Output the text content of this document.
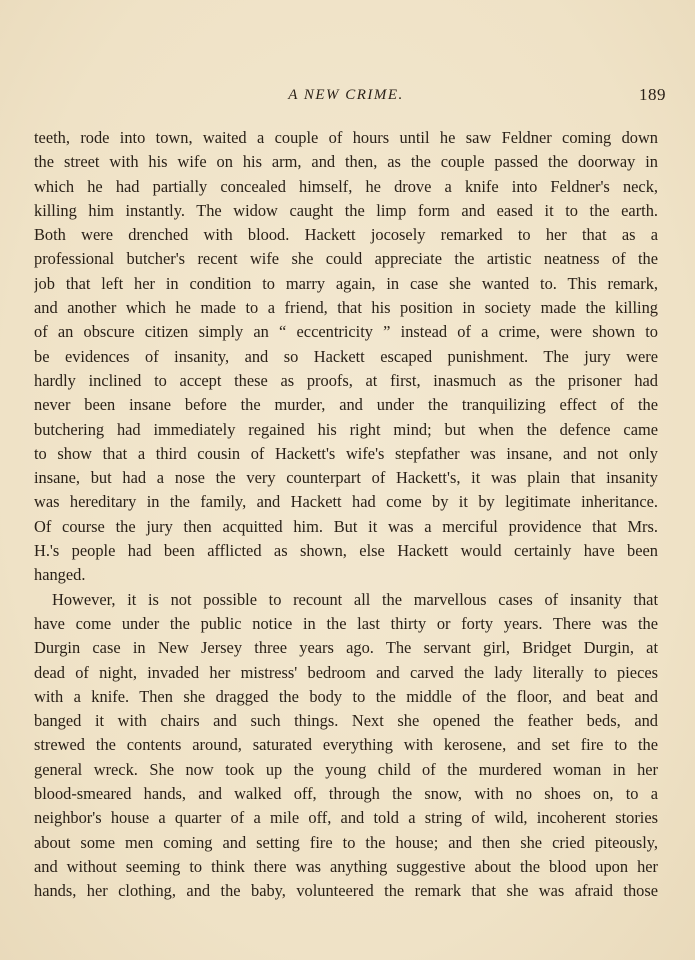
A NEW CRIME.	189
teeth, rode into town, waited a couple of hours until he saw Feldner coming down
the street with his wife on his arm, and then, as the couple passed the doorway in
which he had partially concealed himself, he drove a knife into Feldner's neck,
killing him instantly. The widow caught the limp form and eased it to the earth.
Both were drenched with blood. Hackett jocosely remarked to her that as a
professional butcher's recent wife she could appreciate the artistic neatness of the
job that left her in condition to marry again, in case she wanted to. This remark,
and another which he made to a friend, that his position in society made the killing
of an obscure citizen simply an “ eccentricity ” instead of a crime, were shown to
be evidences of insanity, and so Hackett escaped punishment. The jury were
hardly inclined to accept these as proofs, at first, inasmuch as the prisoner had
never been insane before the murder, and under the tranquilizing effect of the
butchering had immediately regained his right mind; but when the defence came
to show that a third cousin of Hackett's wife's stepfather was insane, and not only
insane, but had a nose the very counterpart of Hackett's, it was plain that insanity
was hereditary in the family, and Hackett had come by it by legitimate inheritance.
Of course the jury then acquitted him. But it was a merciful providence that Mrs.
H.'s people had been afflicted as shown, else Hackett would certainly have been
hanged.
However, it is not possible to recount all the marvellous cases of insanity that
have come under the public notice in the last thirty or forty years. There was the
Durgin case in New Jersey three years ago. The servant girl, Bridget Durgin, at
dead of night, invaded her mistress' bedroom and carved the lady literally to pieces
with a knife. Then she dragged the body to the middle of the floor, and beat and
banged it with chairs and such things. Next she opened the feather beds, and
strewed the contents around, saturated everything with kerosene, and set fire to the
general wreck. She now took up the young child of the murdered woman in her
blood-smeared hands, and walked off, through the snow, with no shoes on, to a
neighbor's house a quarter of a mile off, and told a string of wild, incoherent stories
about some men coming and setting fire to the house; and then she cried piteously,
and without seeming to think there was anything suggestive about the blood upon her
hands, her clothing, and the baby, volunteered the remark that she was afraid those
